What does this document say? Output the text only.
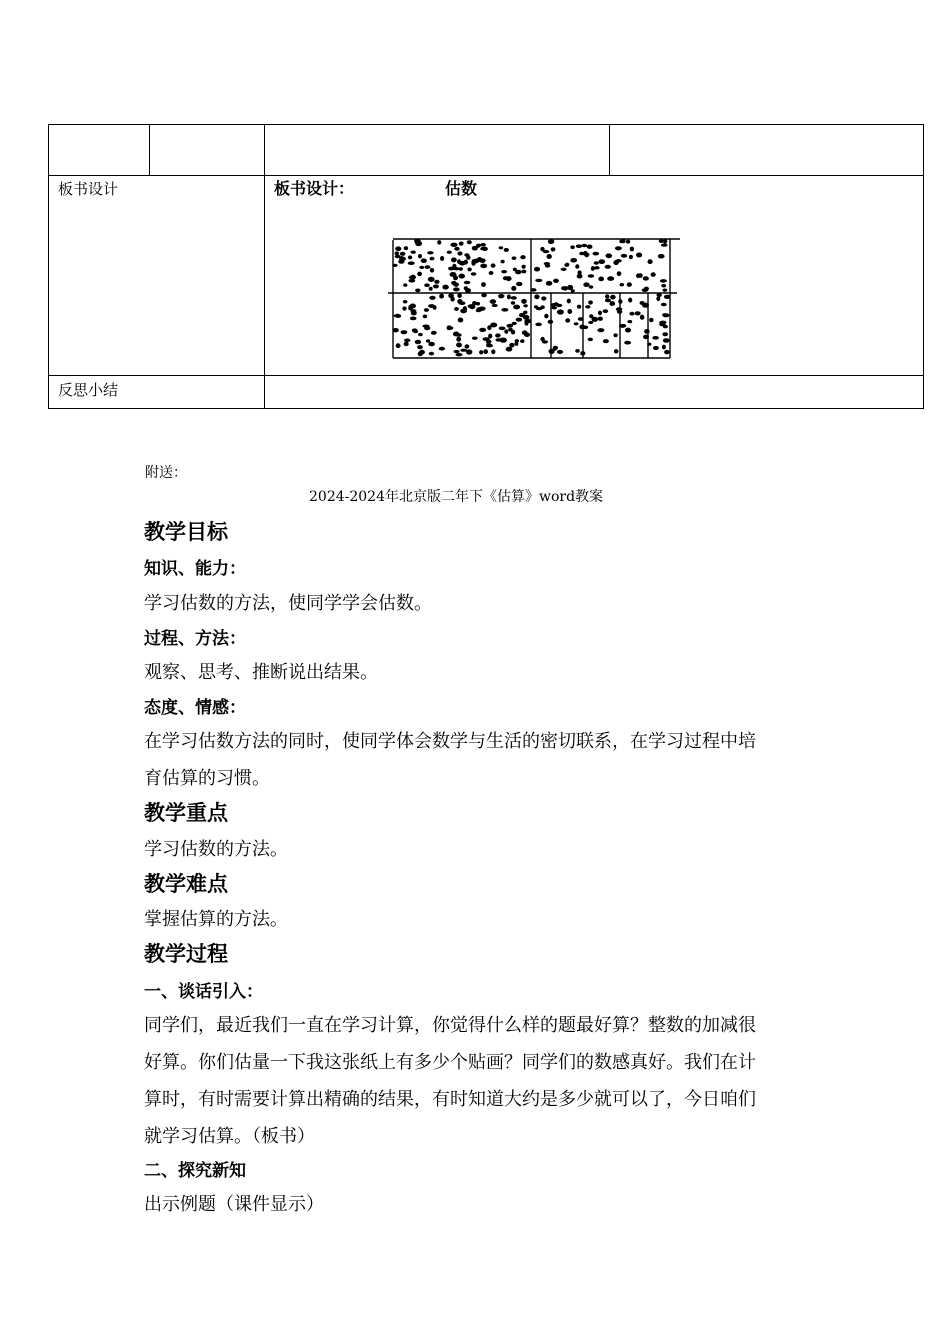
板书设计	板书设计：	估数
反思小结
附送：
2024-2024年北京版二年下《估算》word教案
教学目标
知识、能力：
学习估数的方法，使同学学会估数。
过程、方法：
观察、思考、推断说出结果。
态度、情感：
在学习估数方法的同时，使同学体会数学与生活的密切联系，在学习过程中培
育估算的习惯。
教学重点
学习估数的方法。
教学难点
掌握估算的方法。
教学过程
一、谈话引入：
同学们，最近我们一直在学习计算，你觉得什么样的题最好算？整数的加减很
好算。你们估量一下我这张纸上有多少个贴画？同学们的数感真好。我们在计
算时，有时需要计算出精确的结果，有时知道大约是多少就可以了，今日咱们
就学习估算。（板书）
二、探究新知
出示例题（课件显示）
